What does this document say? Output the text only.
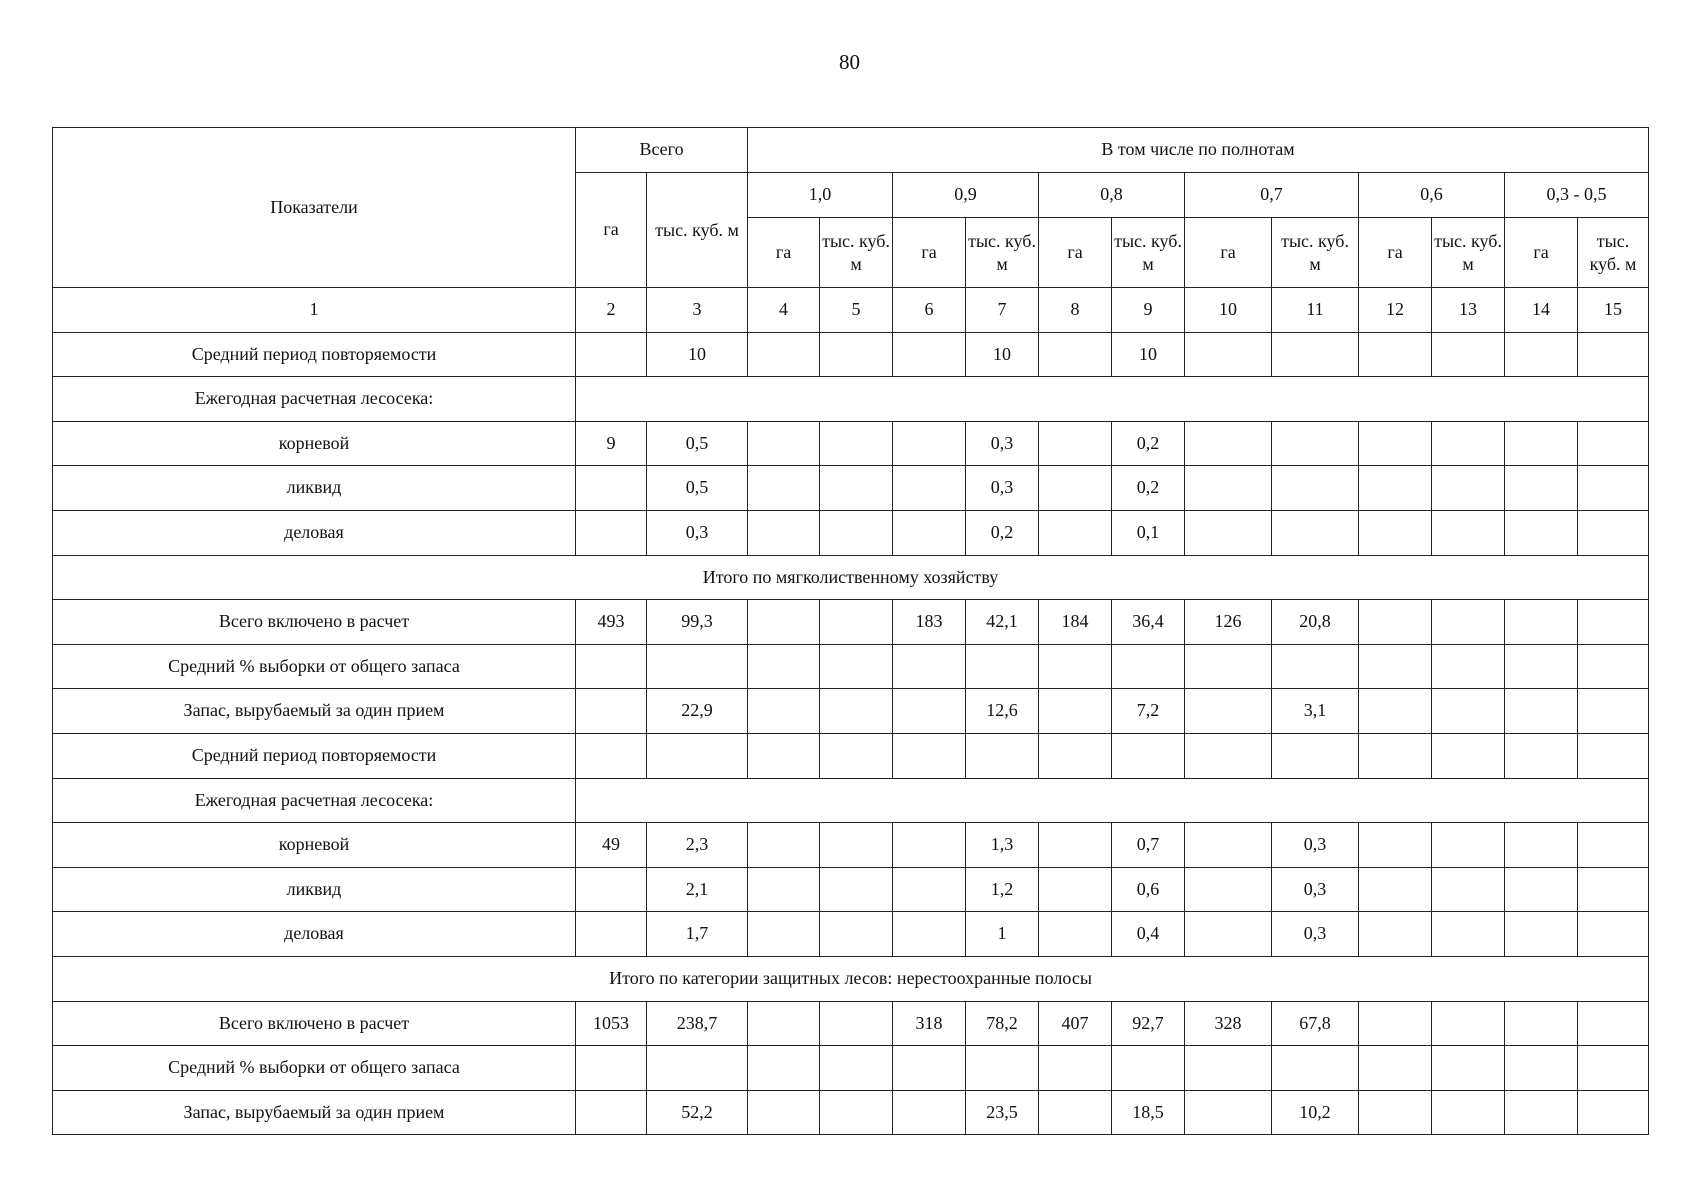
80
Показатели	Всего		В том числе по полнотам											
	га	тыс. куб. м	1,0		0,9		0,8		0,7		0,6		0,3 - 0,5	
			га	тыс. куб. м	га	тыс. куб. м	га	тыс. куб. м	га	тыс. куб. м	га	тыс. куб. м	га	тыс. куб. м
1	2	3	4	5	6	7	8	9	10	11	12	13	14	15
Средний период повторяемости		10				10		10						
Ежегодная расчетная лесосека:														
корневой	9	0,5				0,3		0,2						
ликвид		0,5				0,3		0,2						
деловая		0,3				0,2		0,1						
Итого по мягколиственному хозяйству														
Всего включено в расчет	493	99,3			183	42,1	184	36,4	126	20,8				
Средний % выборки от общего запаса														
Запас, вырубаемый за один прием		22,9				12,6		7,2		3,1				
Средний период повторяемости														
Ежегодная расчетная лесосека:														
корневой	49	2,3				1,3		0,7		0,3				
ликвид		2,1				1,2		0,6		0,3				
деловая		1,7				1		0,4		0,3				
Итого по категории защитных лесов: нерестоохранные полосы														
Всего включено в расчет	1053	238,7			318	78,2	407	92,7	328	67,8				
Средний % выборки от общего запаса														
Запас, вырубаемый за один прием		52,2				23,5		18,5		10,2				
